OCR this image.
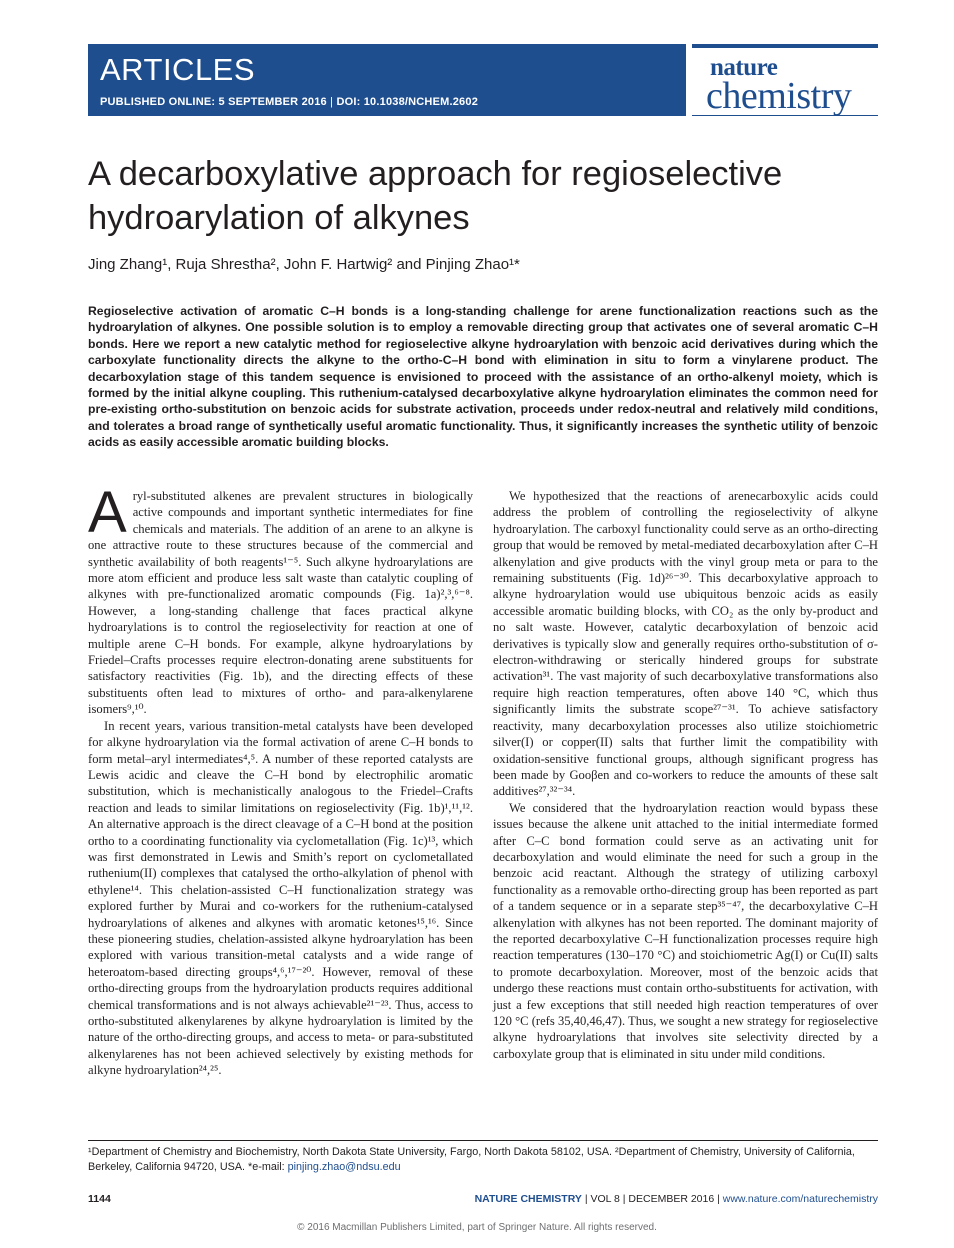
ARTICLES
PUBLISHED ONLINE: 5 SEPTEMBER 2016 | DOI: 10.1038/NCHEM.2602
nature
chemistry
A decarboxylative approach for regioselective hydroarylation of alkynes
Jing Zhang¹, Ruja Shrestha², John F. Hartwig² and Pinjing Zhao¹*
Regioselective activation of aromatic C–H bonds is a long-standing challenge for arene functionalization reactions such as the hydroarylation of alkynes. One possible solution is to employ a removable directing group that activates one of several aromatic C–H bonds. Here we report a new catalytic method for regioselective alkyne hydroarylation with benzoic acid derivatives during which the carboxylate functionality directs the alkyne to the ortho-C–H bond with elimination in situ to form a vinylarene product. The decarboxylation stage of this tandem sequence is envisioned to proceed with the assistance of an ortho-alkenyl moiety, which is formed by the initial alkyne coupling. This ruthenium-catalysed decarboxylative alkyne hydroarylation eliminates the common need for pre-existing ortho-substitution on benzoic acids for substrate activation, proceeds under redox-neutral and relatively mild conditions, and tolerates a broad range of synthetically useful aromatic functionality. Thus, it significantly increases the synthetic utility of benzoic acids as easily accessible aromatic building blocks.

Aryl-substituted alkenes are prevalent structures in biologically active compounds and important synthetic intermediates for fine chemicals and materials. The addition of an arene to an alkyne is one attractive route to these structures because of the commercial and synthetic availability of both reagents¹⁻⁵. Such alkyne hydroarylations are more atom efficient and produce less salt waste than catalytic coupling of alkynes with pre-functionalized aromatic compounds (Fig. 1a)²,³,⁶⁻⁸. However, a long-standing challenge that faces practical alkyne hydroarylations is to control the regioselectivity for reaction at one of multiple arene C–H bonds. For example, alkyne hydroarylations by Friedel–Crafts processes require electron-donating arene substituents for satisfactory reactivities (Fig. 1b), and the directing effects of these substituents often lead to mixtures of ortho- and para-alkenylarene isomers⁹,¹⁰.

In recent years, various transition-metal catalysts have been developed for alkyne hydroarylation via the formal activation of arene C–H bonds to form metal–aryl intermediates⁴,⁵. A number of these reported catalysts are Lewis acidic and cleave the C–H bond by electrophilic aromatic substitution, which is mechanistically analogous to the Friedel–Crafts reaction and leads to similar limitations on regioselectivity (Fig. 1b)¹,¹¹,¹². An alternative approach is the direct cleavage of a C–H bond at the position ortho to a coordinating functionality via cyclometallation (Fig. 1c)¹³, which was first demonstrated in Lewis and Smith’s report on cyclometallated ruthenium(II) complexes that catalysed the ortho-alkylation of phenol with ethylene¹⁴. This chelation-assisted C–H functionalization strategy was explored further by Murai and co-workers for the ruthenium-catalysed hydroarylations of alkenes and alkynes with aromatic ketones¹⁵,¹⁶. Since these pioneering studies, chelation-assisted alkyne hydroarylation has been explored with various transition-metal catalysts and a wide range of heteroatom-based directing groups⁴,⁶,¹⁷⁻²⁰. However, removal of these ortho-directing groups from the hydroarylation products requires additional chemical transformations and is not always achievable²¹⁻²³. Thus, access to ortho-substituted alkenylarenes by alkyne hydroarylation is limited by the nature of the ortho-directing groups, and access to meta- or para-substituted alkenylarenes has not been achieved selectively by existing methods for alkyne hydroarylation²⁴,²⁵.

We hypothesized that the reactions of arenecarboxylic acids could address the problem of controlling the regioselectivity of alkyne hydroarylation. The carboxyl functionality could serve as an ortho-directing group that would be removed by metal-mediated decarboxylation after C–H alkenylation and give products with the vinyl group meta or para to the remaining substituents (Fig. 1d)²⁶⁻³⁰. This decarboxylative approach to alkyne hydroarylation would use ubiquitous benzoic acids as easily accessible aromatic building blocks, with CO₂ as the only by-product and no salt waste. However, catalytic decarboxylation of benzoic acid derivatives is typically slow and generally requires ortho-substitution of σ-electron-withdrawing or sterically hindered groups for substrate activation³¹. The vast majority of such decarboxylative transformations also require high reaction temperatures, often above 140 °C, which thus significantly limits the substrate scope²⁷⁻³¹. To achieve satisfactory reactivity, many decarboxylation processes also utilize stoichiometric silver(I) or copper(II) salts that further limit the compatibility with oxidation-sensitive functional groups, although significant progress has been made by Gooβen and co-workers to reduce the amounts of these salt additives²⁷,³²⁻³⁴.

We considered that the hydroarylation reaction would bypass these issues because the alkene unit attached to the initial intermediate formed after C–C bond formation could serve as an activating unit for decarboxylation and would eliminate the need for such a group in the benzoic acid reactant. Although the strategy of utilizing carboxyl functionality as a removable ortho-directing group has been reported as part of a tandem sequence or in a separate step³⁵⁻⁴⁷, the decarboxylative C–H alkenylation with alkynes has not been reported. The dominant majority of the reported decarboxylative C–H functionalization processes require high reaction temperatures (130–170 °C) and stoichiometric Ag(I) or Cu(II) salts to promote decarboxylation. Moreover, most of the benzoic acids that undergo these reactions must contain ortho-substituents for activation, with just a few exceptions that still needed high reaction temperatures of over 120 °C (refs 35,40,46,47). Thus, we sought a new strategy for regioselective alkyne hydroarylations that involves site selectivity directed by a carboxylate group that is eliminated in situ under mild conditions.

¹Department of Chemistry and Biochemistry, North Dakota State University, Fargo, North Dakota 58102, USA. ²Department of Chemistry, University of California, Berkeley, California 94720, USA. *e-mail: pinjing.zhao@ndsu.edu
1144	NATURE CHEMISTRY | VOL 8 | DECEMBER 2016 | www.nature.com/naturechemistry
© 2016 Macmillan Publishers Limited, part of Springer Nature. All rights reserved.
